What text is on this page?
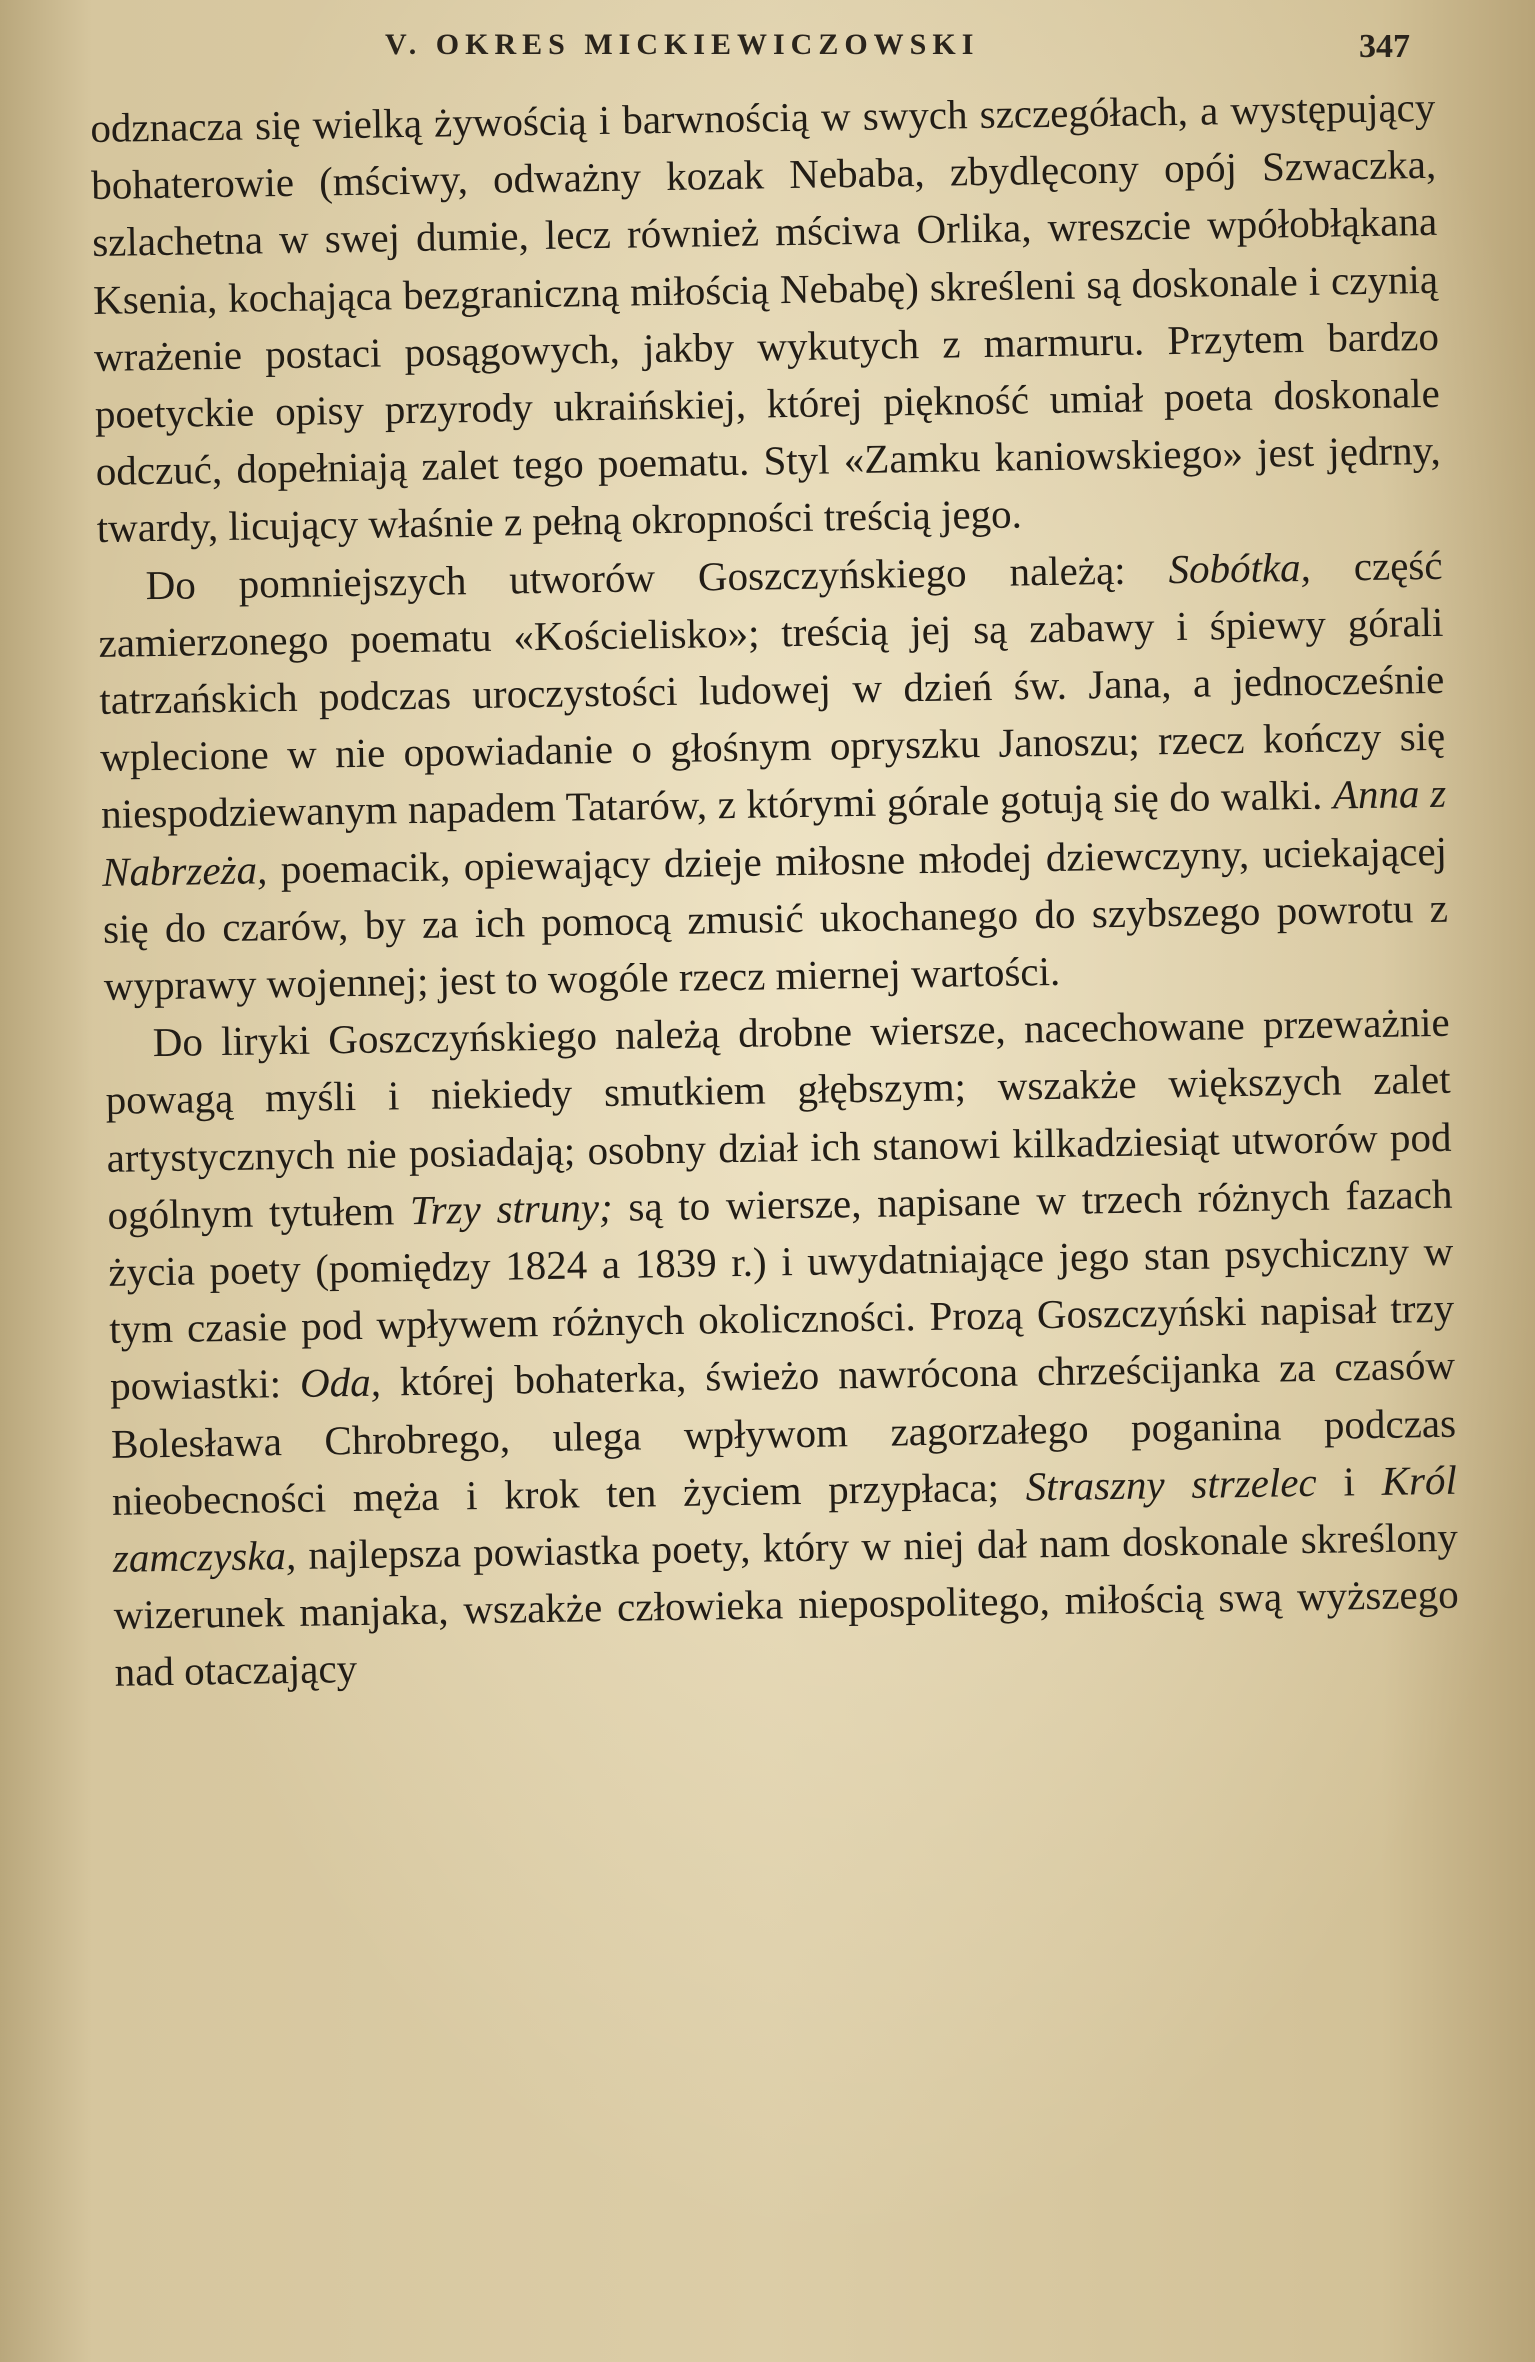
V. OKRES MICKIEWICZOWSKI	347

odznacza się wielką żywością i barwnością w swych szczegółach, a występujący bohaterowie (mściwy, odważny kozak Nebaba, zbydlęcony opój Szwaczka, szlachetna w swej dumie, lecz również mściwa Orlika, wreszcie wpółobłąkana Ksenia, kochająca bezgraniczną miłością Nebabę) skreśleni są doskonale i czynią wrażenie postaci posągowych, jakby wykutych z marmuru. Przytem bardzo poetyckie opisy przyrody ukraińskiej, której piękność umiał poeta doskonale odczuć, dopełniają zalet tego poematu. Styl «Zamku kaniowskiego» jest jędrny, twardy, licujący właśnie z pełną okropności treścią jego.

Do pomniejszych utworów Goszczyńskiego należą: Sobótka, część zamierzonego poematu «Kościelisko»; treścią jej są zabawy i śpiewy górali tatrzańskich podczas uroczystości ludowej w dzień św. Jana, a jednocześnie wplecione w nie opowiadanie o głośnym opryszku Janoszu; rzecz kończy się niespodziewanym napadem Tatarów, z którymi górale gotują się do walki. Anna z Nabrzeża, poemacik, opiewający dzieje miłosne młodej dziewczyny, uciekającej się do czarów, by za ich pomocą zmusić ukochanego do szybszego powrotu z wyprawy wojennej; jest to wogóle rzecz miernej wartości.

Do liryki Goszczyńskiego należą drobne wiersze, nacechowane przeważnie powagą myśli i niekiedy smutkiem głębszym; wszakże większych zalet artystycznych nie posiadają; osobny dział ich stanowi kilkadziesiąt utworów pod ogólnym tytułem Trzy struny; są to wiersze, napisane w trzech różnych fazach życia poety (pomiędzy 1824 a 1839 r.) i uwydatniające jego stan psychiczny w tym czasie pod wpływem różnych okoliczności. Prozą Goszczyński napisał trzy powiastki: Oda, której bohaterka, świeżo nawrócona chrześcijanka za czasów Bolesława Chrobrego, ulega wpływom zagorzałego poganina podczas nieobecności męża i krok ten życiem przypłaca; Straszny strzelec i Król zamczyska, najlepsza powiastka poety, który w niej dał nam doskonale skreślony wizerunek manjaka, wszakże człowieka niepospolitego, miłością swą wyższego nad otaczający
